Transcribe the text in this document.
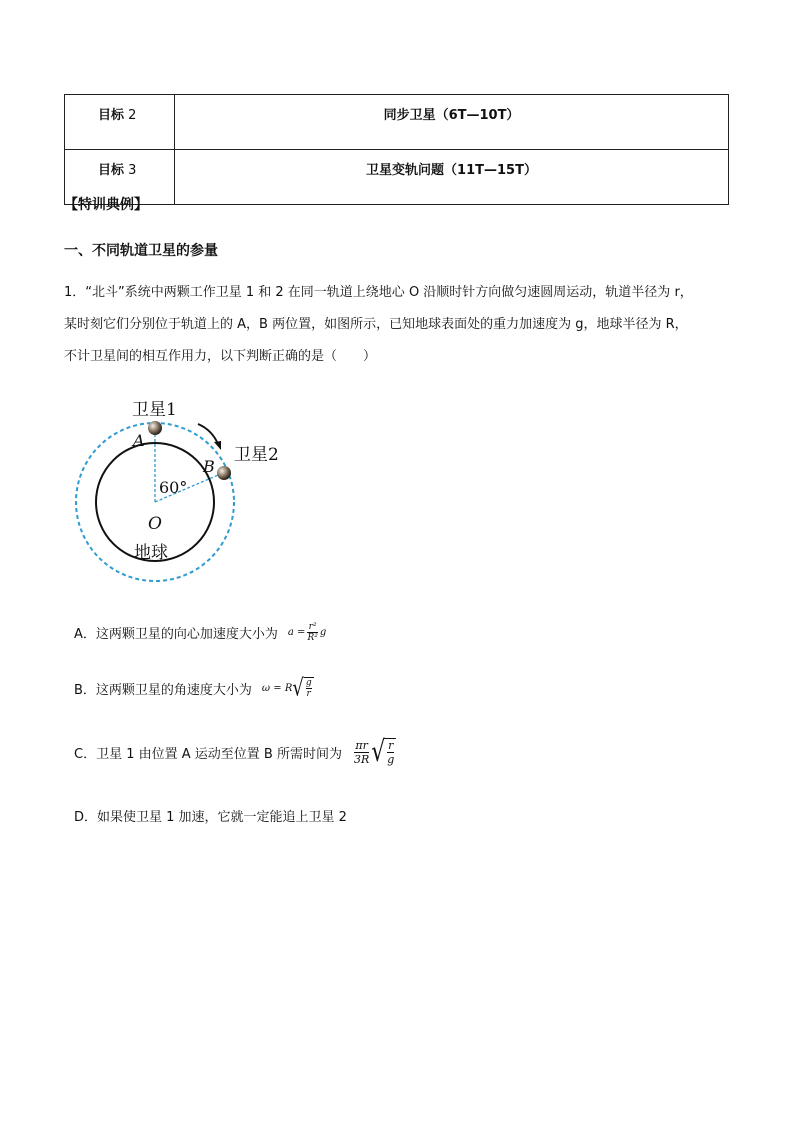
目标 2	同步卫星（6T—10T）
目标 3	卫星变轨问题（11T—15T）
【特训典例】
一、不同轨道卫星的参量
1．“北斗”系统中两颗工作卫星 1 和 2 在同一轨道上绕地心 O 沿顺时针方向做匀速圆周运动，轨道半径为 r，
某时刻它们分别位于轨道上的 A，B 两位置，如图所示，已知地球表面处的重力加速度为 g，地球半径为 R，
不计卫星间的相互作用力，以下判断正确的是（　　）
卫星1
卫星2
A
B
60°
O
地球
A．这两颗卫星的向心加速度大小为 $a = \frac{\text{r²}}{\text{R²}}$ g
B．这两颗卫星的角速度大小为 ω = R √ $\frac{g}{r}$
C．卫星 1 由位置 A 运动至位置 B 所需时间为 $\frac{\pi r}{3R}$ √ $\frac{r}{g}$
D．如果使卫星 1 加速，它就一定能追上卫星 2
